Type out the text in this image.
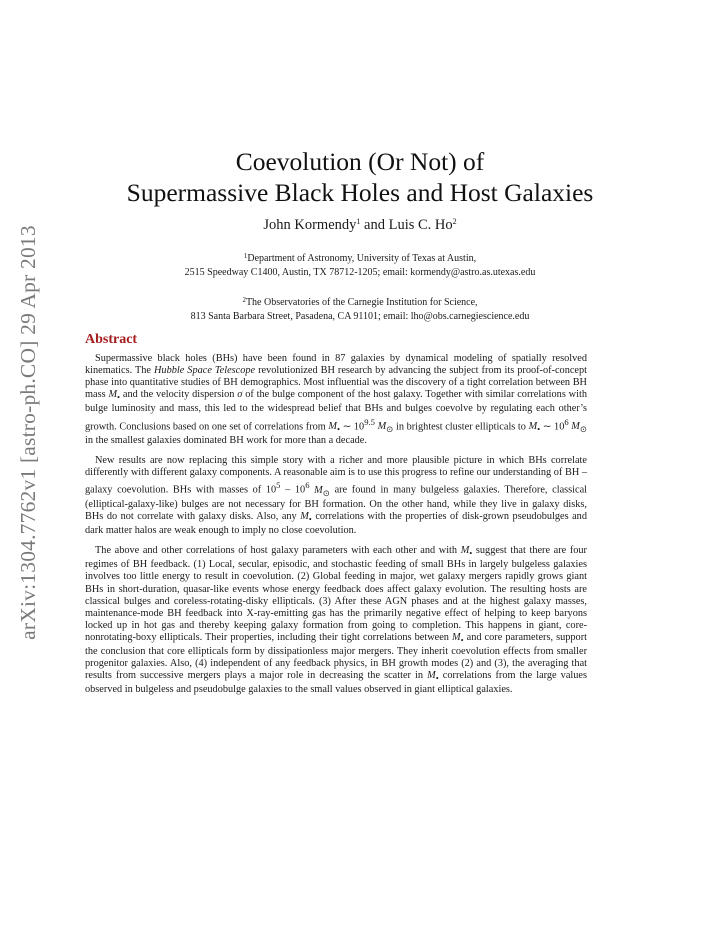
arXiv:1304.7762v1 [astro-ph.CO] 29 Apr 2013
Coevolution (Or Not) of
Supermassive Black Holes and Host Galaxies
John Kormendy$^1$ and Luis C. Ho$^2$
$^1$Department of Astronomy, University of Texas at Austin,
2515 Speedway C1400, Austin, TX 78712-1205; email: kormendy@astro.as.utexas.edu
$^2$The Observatories of the Carnegie Institution for Science,
813 Santa Barbara Street, Pasadena, CA 91101; email: lho@obs.carnegiescience.edu
Abstract

Supermassive black holes (BHs) have been found in 87 galaxies by dynamical modeling of spatially resolved kinematics. The Hubble Space Telescope revolutionized BH research by advancing the subject from its proof-of-concept phase into quantitative studies of BH demographics. Most influential was the discovery of a tight correlation between BH mass $M_•$ and the velocity dispersion σ of the bulge component of the host galaxy. Together with similar correlations with bulge luminosity and mass, this led to the widespread belief that BHs and bulges coevolve by regulating each other’s growth. Conclusions based on one set of correlations from $M_•$ ∼ $10^{9.5}$ $M_⊙$ in brightest cluster ellipticals to $M_•$ ∼ $10^6$ $M_⊙$ in the smallest galaxies dominated BH work for more than a decade.

New results are now replacing this simple story with a richer and more plausible picture in which BHs correlate differently with different galaxy components. A reasonable aim is to use this progress to refine our understanding of BH – galaxy coevolution. BHs with masses of $10^5 - 10^6$ $M_⊙$ are found in many bulgeless galaxies. Therefore, classical (elliptical-galaxy-like) bulges are not necessary for BH formation. On the other hand, while they live in galaxy disks, BHs do not correlate with galaxy disks. Also, any $M_•$ correlations with the properties of disk-grown pseudobulges and dark matter halos are weak enough to imply no close coevolution.

The above and other correlations of host galaxy parameters with each other and with $M_•$ suggest that there are four regimes of BH feedback. (1) Local, secular, episodic, and stochastic feeding of small BHs in largely bulgeless galaxies involves too little energy to result in coevolution. (2) Global feeding in major, wet galaxy mergers rapidly grows giant BHs in short-duration, quasar-like events whose energy feedback does affect galaxy evolution. The resulting hosts are classical bulges and coreless-rotating-disky ellipticals. (3) After these AGN phases and at the highest galaxy masses, maintenance-mode BH feedback into X-ray-emitting gas has the primarily negative effect of helping to keep baryons locked up in hot gas and thereby keeping galaxy formation from going to completion. This happens in giant, core-nonrotating-boxy ellipticals. Their properties, including their tight correlations between $M_•$ and core parameters, support the conclusion that core ellipticals form by dissipationless major mergers. They inherit coevolution effects from smaller progenitor galaxies. Also, (4) independent of any feedback physics, in BH growth modes (2) and (3), the averaging that results from successive mergers plays a major role in decreasing the scatter in $M_•$ correlations from the large values observed in bulgeless and pseudobulge galaxies to the small values observed in giant elliptical galaxies.
